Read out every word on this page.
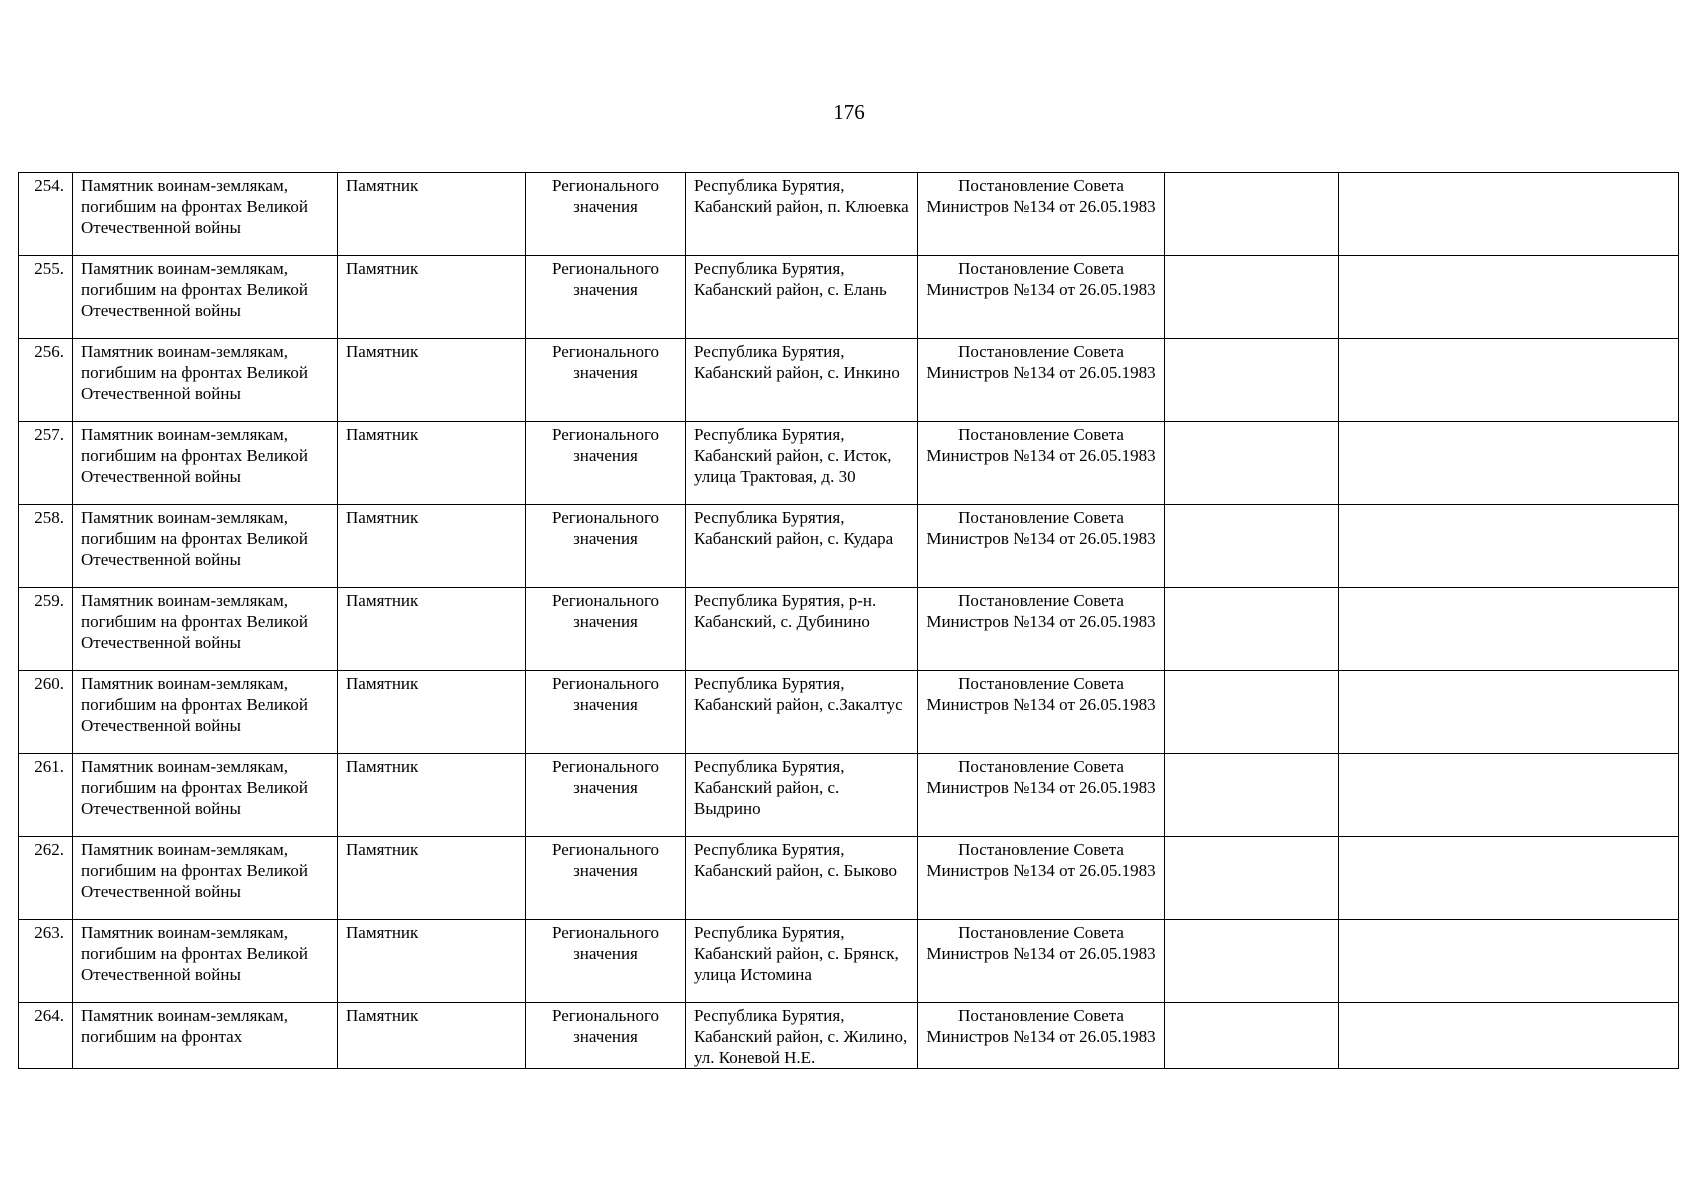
176
254.	Памятник воинам-землякам, погибшим на фронтах Великой Отечественной войны	Памятник	Регионального значения	Республика Бурятия, Кабанский район, п. Клюевка	Постановление Совета Министров №134 от 26.05.1983		
255.	Памятник воинам-землякам, погибшим на фронтах Великой Отечественной войны	Памятник	Регионального значения	Республика Бурятия, Кабанский район, с. Елань	Постановление Совета Министров №134 от 26.05.1983		
256.	Памятник воинам-землякам, погибшим на фронтах Великой Отечественной войны	Памятник	Регионального значения	Республика Бурятия, Кабанский район, с. Инкино	Постановление Совета Министров №134 от 26.05.1983		
257.	Памятник воинам-землякам, погибшим на фронтах Великой Отечественной войны	Памятник	Регионального значения	Республика Бурятия, Кабанский район, с. Исток, улица Трактовая, д. 30	Постановление Совета Министров №134 от 26.05.1983		
258.	Памятник воинам-землякам, погибшим на фронтах Великой Отечественной войны	Памятник	Регионального значения	Республика Бурятия, Кабанский район, с. Кудара	Постановление Совета Министров №134 от 26.05.1983		
259.	Памятник воинам-землякам, погибшим на фронтах Великой Отечественной войны	Памятник	Регионального значения	Республика Бурятия, р-н. Кабанский, с. Дубинино	Постановление Совета Министров №134 от 26.05.1983		
260.	Памятник воинам-землякам, погибшим на фронтах Великой Отечественной войны	Памятник	Регионального значения	Республика Бурятия, Кабанский район, с.Закалтус	Постановление Совета Министров №134 от 26.05.1983		
261.	Памятник воинам-землякам, погибшим на фронтах Великой Отечественной войны	Памятник	Регионального значения	Республика Бурятия, Кабанский район, с. Выдрино	Постановление Совета Министров №134 от 26.05.1983		
262.	Памятник воинам-землякам, погибшим на фронтах Великой Отечественной войны	Памятник	Регионального значения	Республика Бурятия, Кабанский район, с. Быково	Постановление Совета Министров №134 от 26.05.1983		
263.	Памятник воинам-землякам, погибшим на фронтах Великой Отечественной войны	Памятник	Регионального значения	Республика Бурятия, Кабанский район, с. Брянск, улица Истомина	Постановление Совета Министров №134 от 26.05.1983		
264.	Памятник воинам-землякам, погибшим на фронтах	Памятник	Регионального значения	Республика Бурятия, Кабанский район, с. Жилино, ул. Коневой Н.Е.	Постановление Совета Министров №134 от 26.05.1983		
